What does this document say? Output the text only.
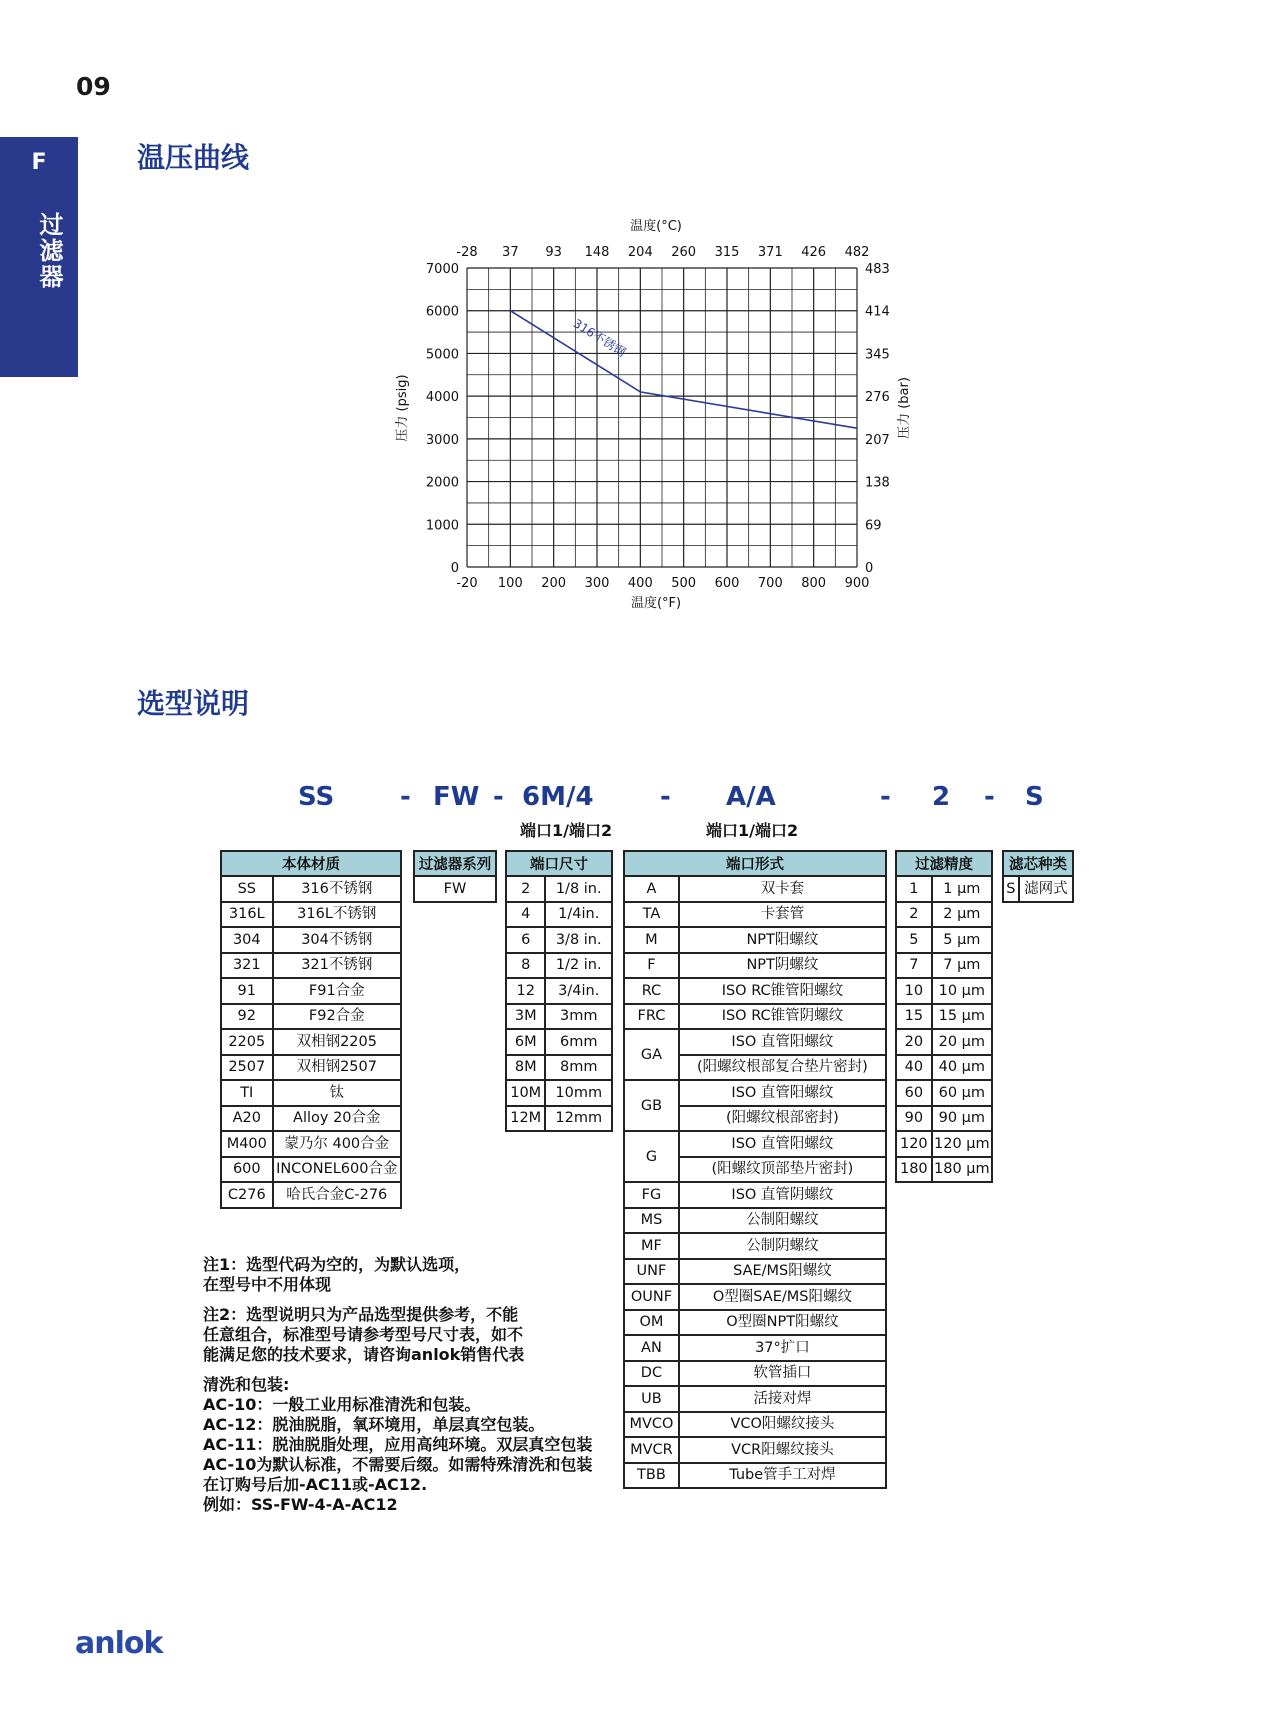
09
F
过滤器
温压曲线
选型说明
-20 100 200 300 400 500 600 700 800 900
-28 37 93 148 204 260 315 371 426 482
0
1000
2000
3000
4000
5000
6000
7000
0
69
138
207
276
345
414
483
316不锈钢
温度(°F)
温度(°C)
压力 (psig)	压力 (bar)
SS	- FW - 6M/4	- A/A	- 2 - S
端口1/端口2	端口1/端口2
本体材质	
SS	316不锈钢
316L	316L不锈钢
304	304不锈钢
321	321不锈钢
91	F91合金
92	F92合金
2205	双相钢2205
2507	双相钢2507
TI	钛
A20	Alloy 20合金
M400	蒙乃尔 400合金
600	INCONEL600合金
C276	哈氏合金C-276
过滤器系列
FW
端口尺寸	
2	1/8 in.
4	1/4in.
6	3/8 in.
8	1/2 in.
12	3/4in.
3M	3mm
6M	6mm
8M	8mm
10M	10mm
12M	12mm
端口形式	
A	双卡套
TA	卡套管
M	NPT阳螺纹
F	NPT阴螺纹
RC	ISO RC锥管阳螺纹
FRC	ISO RC锥管阴螺纹
GA	ISO 直管阳螺纹
	(阳螺纹根部复合垫片密封)
GB	ISO 直管阳螺纹
	(阳螺纹根部密封)
G	ISO 直管阳螺纹
	(阳螺纹顶部垫片密封)
FG	ISO 直管阴螺纹
MS	公制阳螺纹
MF	公制阴螺纹
UNF	SAE/MS阳螺纹
OUNF	O型圈SAE/MS阳螺纹
OM	O型圈NPT阳螺纹
AN	37°扩口
DC	软管插口
UB	活接对焊
MVCO	VCO阳螺纹接头
MVCR	VCR阳螺纹接头
TBB	Tube管手工对焊
过滤精度	
1	1 μm
2	2 μm
5	5 μm
7	7 μm
10	10 μm
15	15 μm
20	20 μm
40	40 μm
60	60 μm
90	90 μm
120	120 μm
180	180 μm
滤芯种类
S	滤网式

注1：选型代码为空的，为默认选项，
在型号中不用体现

注2：选型说明只为产品选型提供参考，不能
任意组合，标准型号请参考型号尺寸表，如不
能满足您的技术要求，请咨询anlok销售代表

清洗和包装:
AC-10：一般工业用标准清洗和包装。
AC-12：脱油脱脂，氧环境用，单层真空包装。
AC-11：脱油脱脂处理，应用高纯环境。双层真空包装
AC-10为默认标准，不需要后缀。如需特殊清洗和包装
在订购号后加-AC11或-AC12.
例如：SS-FW-4-A-AC12

anlok
